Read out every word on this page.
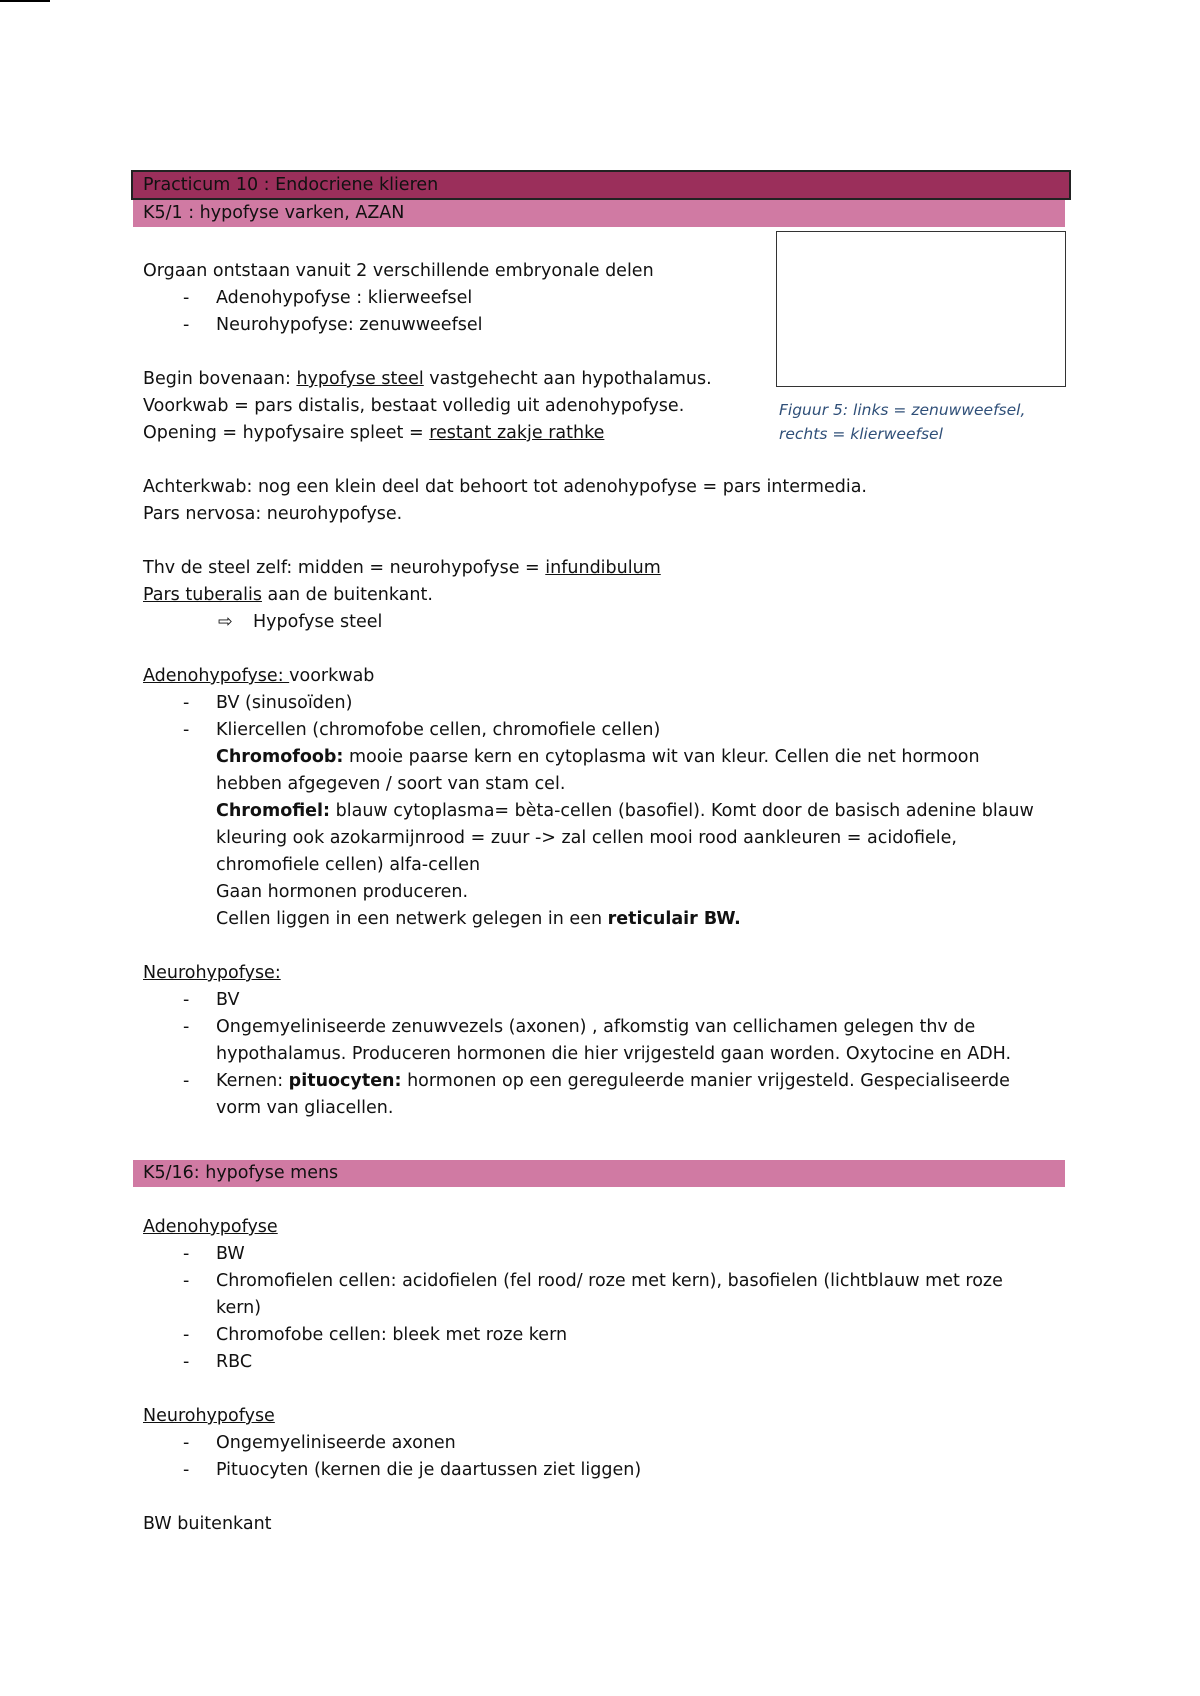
Practicum 10 : Endocriene klieren
K5/1 : hypofyse varken, AZAN
Figuur 5: links = zenuwweefsel, rechts = klierweefsel
Orgaan ontstaan vanuit 2 verschillende embryonale delen
- Adenohypofyse : klierweefsel
- Neurohypofyse: zenuwweefsel
Begin bovenaan: hypofyse steel vastgehecht aan hypothalamus.
Voorkwab = pars distalis, bestaat volledig uit adenohypofyse.
Opening = hypofysaire spleet = restant zakje rathke
Achterkwab: nog een klein deel dat behoort tot adenohypofyse = pars intermedia.
Pars nervosa: neurohypofyse.
Thv de steel zelf: midden = neurohypofyse = infundibulum
Pars tuberalis aan de buitenkant.
⇨ Hypofyse steel
Adenohypofyse: voorkwab
- BV (sinusoïden)
- Kliercellen (chromofobe cellen, chromofiele cellen)
Chromofoob: mooie paarse kern en cytoplasma wit van kleur. Cellen die net hormoon
hebben afgegeven / soort van stam cel.
Chromofiel: blauw cytoplasma= bèta-cellen (basofiel). Komt door de basisch adenine blauw
kleuring ook azokarmijnrood = zuur -> zal cellen mooi rood aankleuren = acidofiele,
chromofiele cellen) alfa-cellen
Gaan hormonen produceren.
Cellen liggen in een netwerk gelegen in een reticulair BW.
Neurohypofyse:
- BV
- Ongemyeliniseerde zenuwvezels (axonen) , afkomstig van cellichamen gelegen thv de
hypothalamus. Produceren hormonen die hier vrijgesteld gaan worden. Oxytocine en ADH.
- Kernen: pituocyten: hormonen op een gereguleerde manier vrijgesteld. Gespecialiseerde
vorm van gliacellen.
K5/16: hypofyse mens
Adenohypofyse
- BW
- Chromofielen cellen: acidofielen (fel rood/ roze met kern), basofielen (lichtblauw met roze
kern)
- Chromofobe cellen: bleek met roze kern
- RBC
Neurohypofyse
- Ongemyeliniseerde axonen
- Pituocyten (kernen die je daartussen ziet liggen)
BW buitenkant
